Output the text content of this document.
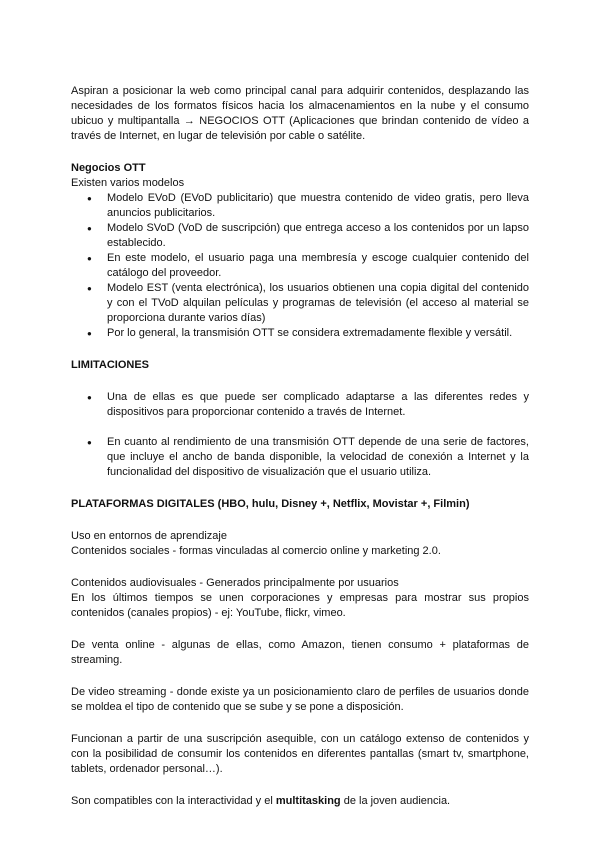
Aspiran a posicionar la web como principal canal para adquirir contenidos, desplazando las necesidades de los formatos físicos hacia los almacenamientos en la nube y el consumo ubicuo y multipantalla → NEGOCIOS OTT (Aplicaciones que brindan contenido de vídeo a través de Internet, en lugar de televisión por cable o satélite.

Negocios OTT

Existen varios modelos

● Modelo EVoD (EVoD publicitario) que muestra contenido de video gratis, pero lleva anuncios publicitarios.
● Modelo SVoD (VoD de suscripción) que entrega acceso a los contenidos por un lapso establecido.
● En este modelo, el usuario paga una membresía y escoge cualquier contenido del catálogo del proveedor.
● Modelo EST (venta electrónica), los usuarios obtienen una copia digital del contenido y con el TVoD alquilan películas y programas de televisión (el acceso al material se proporciona durante varios días)
● Por lo general, la transmisión OTT se considera extremadamente flexible y versátil.

LIMITACIONES

● Una de ellas es que puede ser complicado adaptarse a las diferentes redes y dispositivos para proporcionar contenido a través de Internet.
● En cuanto al rendimiento de una transmisión OTT depende de una serie de factores, que incluye el ancho de banda disponible, la velocidad de conexión a Internet y la funcionalidad del dispositivo de visualización que el usuario utiliza.

PLATAFORMAS DIGITALES (HBO, hulu, Disney +, Netflix, Movistar +, Filmin)

Uso en entornos de aprendizaje

Contenidos sociales - formas vinculadas al comercio online y marketing 2.0.

Contenidos audiovisuales - Generados principalmente por usuarios

En los últimos tiempos se unen corporaciones y empresas para mostrar sus propios contenidos (canales propios) - ej: YouTube, flickr, vimeo.

De venta online - algunas de ellas, como Amazon, tienen consumo + plataformas de streaming.

De video streaming - donde existe ya un posicionamiento claro de perfiles de usuarios donde se moldea el tipo de contenido que se sube y se pone a disposición.

Funcionan a partir de una suscripción asequible, con un catálogo extenso de contenidos y con la posibilidad de consumir los contenidos en diferentes pantallas (smart tv, smartphone, tablets, ordenador personal…).

Son compatibles con la interactividad y el multitasking de la joven audiencia.
